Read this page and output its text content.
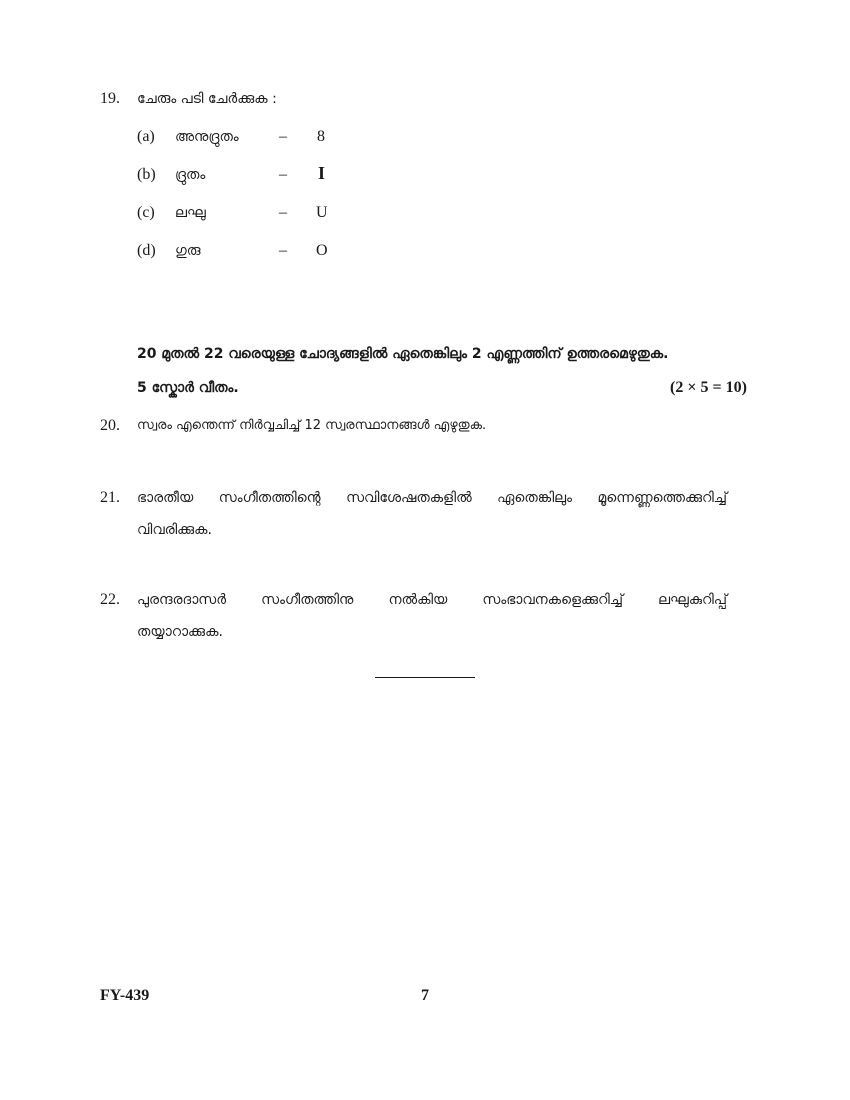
19. ചേരും പടി ചേര്‍ക്കുക :
(a) അനുദ്രുതം	– 8
(b) ദ്രുതം	– I
(c) ലഘു	– U
(d) ഗുരു	– O
20 മുതല്‍ 22 വരെയുള്ള ചോദ്യങ്ങളില്‍ ഏതെങ്കിലും 2 എണ്ണത്തിന് ഉത്തരമെഴുതുക.
5 സ്കോര്‍ വീതം.	(2 × 5 = 10)
20. സ്വരം എന്തെന്ന് നിര്‍വ്വചിച്ച് 12 സ്വരസ്ഥാനങ്ങള്‍ എഴുതുക.
21. ഭാരതീയ സംഗീതത്തിന്റെ സവിശേഷതകളില്‍ ഏതെങ്കിലും മൂന്നെണ്ണത്തെക്കുറിച്ച്
വിവരിക്കുക.
22. പുരന്ദരദാസര്‍ സംഗീതത്തിനു നല്‍കിയ സംഭാവനകളെക്കുറിച്ച് ലഘുകുറിപ്പ്
തയ്യാറാക്കുക.
FY-439	7
